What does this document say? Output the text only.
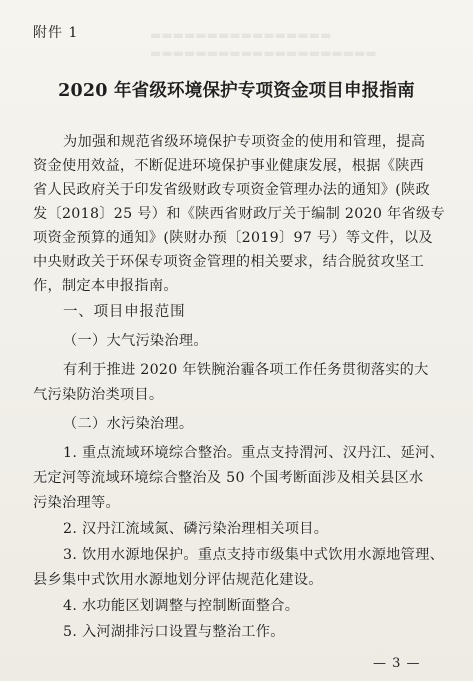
▬▬▬▬▬▬▬▬▬▬▬▬▬▬▬▬
▬▬▬▬▬▬▬▬▬▬▬▬▬▬▬▬▬▬▬▬
附件 1
2020 年省级环境保护专项资金项目申报指南
为加强和规范省级环境保护专项资金的使用和管理，提高
资金使用效益，不断促进环境保护事业健康发展，根据《陕西
省人民政府关于印发省级财政专项资金管理办法的通知》(陕政
发〔2018〕25 号）和《陕西省财政厅关于编制 2020 年省级专
项资金预算的通知》(陕财办预〔2019〕97 号）等文件，以及
中央财政关于环保专项资金管理的相关要求，结合脱贫攻坚工
作，制定本申报指南。
一、项目申报范围
（一）大气污染治理。
有利于推进 2020 年铁腕治霾各项工作任务贯彻落实的大
气污染防治类项目。
（二）水污染治理。
1. 重点流域环境综合整治。重点支持渭河、汉丹江、延河、
无定河等流域环境综合整治及 50 个国考断面涉及相关县区水
污染治理等。
2. 汉丹江流域氮、磷污染治理相关项目。
3. 饮用水源地保护。重点支持市级集中式饮用水源地管理、
县乡集中式饮用水源地划分评估规范化建设。
4. 水功能区划调整与控制断面整合。
5. 入河湖排污口设置与整治工作。
— 3 —
